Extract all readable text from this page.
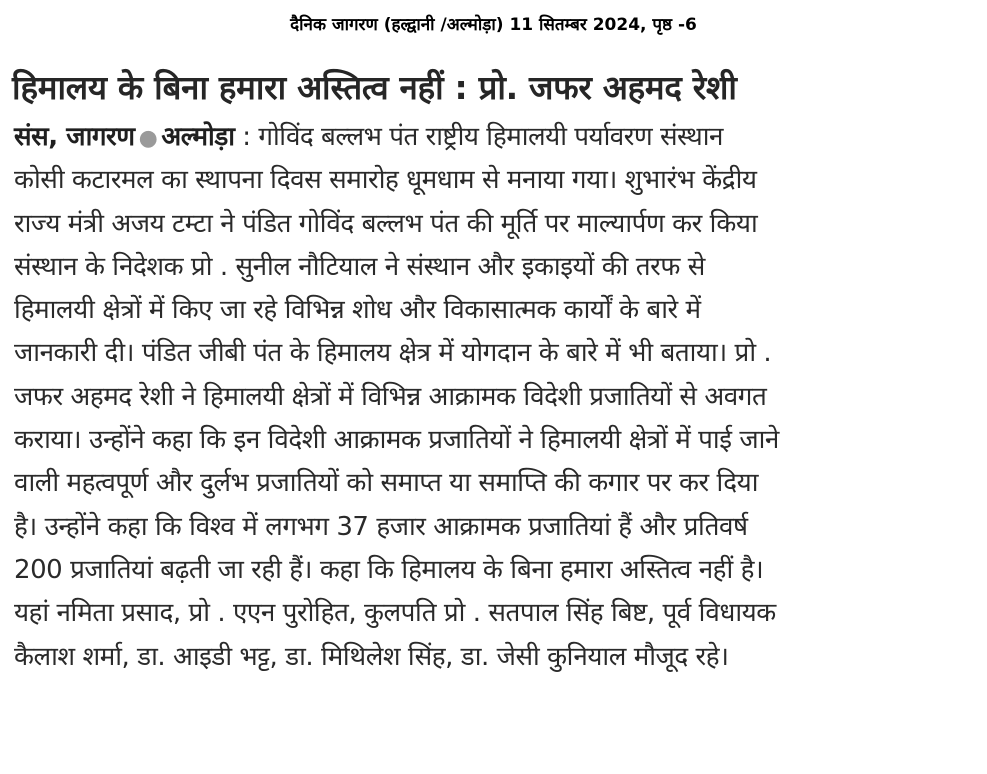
दैनिक जागरण (हल्द्वानी /अल्मोड़ा) 11 सितम्बर 2024, पृष्ठ -6
हिमालय के बिना हमारा अस्तित्व नहीं : प्रो. जफर अहमद रेशी
संस, जागरण ● अल्मोड़ा : गोविंद बल्लभ पंत राष्ट्रीय हिमालयी पर्यावरण संस्थान
कोसी कटारमल का स्थापना दिवस समारोह धूमधाम से मनाया गया। शुभारंभ केंद्रीय
राज्य मंत्री अजय टम्टा ने पंडित गोविंद बल्लभ पंत की मूर्ति पर माल्यार्पण कर किया
संस्थान के निदेशक प्रो . सुनील नौटियाल ने संस्थान और इकाइयों की तरफ से
हिमालयी क्षेत्रों में किए जा रहे विभिन्न शोध और विकासात्मक कार्यों के बारे में
जानकारी दी। पंडित जीबी पंत के हिमालय क्षेत्र में योगदान के बारे में भी बताया। प्रो .
जफर अहमद रेशी ने हिमालयी क्षेत्रों में विभिन्न आक्रामक विदेशी प्रजातियों से अवगत
कराया। उन्होंने कहा कि इन विदेशी आक्रामक प्रजातियों ने हिमालयी क्षेत्रों में पाई जाने
वाली महत्वपूर्ण और दुर्लभ प्रजातियों को समाप्त या समाप्ति की कगार पर कर दिया
है। उन्होंने कहा कि विश्व में लगभग 37 हजार आक्रामक प्रजातियां हैं और प्रतिवर्ष
200 प्रजातियां बढ़ती जा रही हैं। कहा कि हिमालय के बिना हमारा अस्तित्व नहीं है।
यहां नमिता प्रसाद, प्रो . एएन पुरोहित, कुलपति प्रो . सतपाल सिंह बिष्ट, पूर्व विधायक
कैलाश शर्मा, डा. आइडी भट्ट, डा. मिथिलेश सिंह, डा. जेसी कुनियाल मौजूद रहे।
